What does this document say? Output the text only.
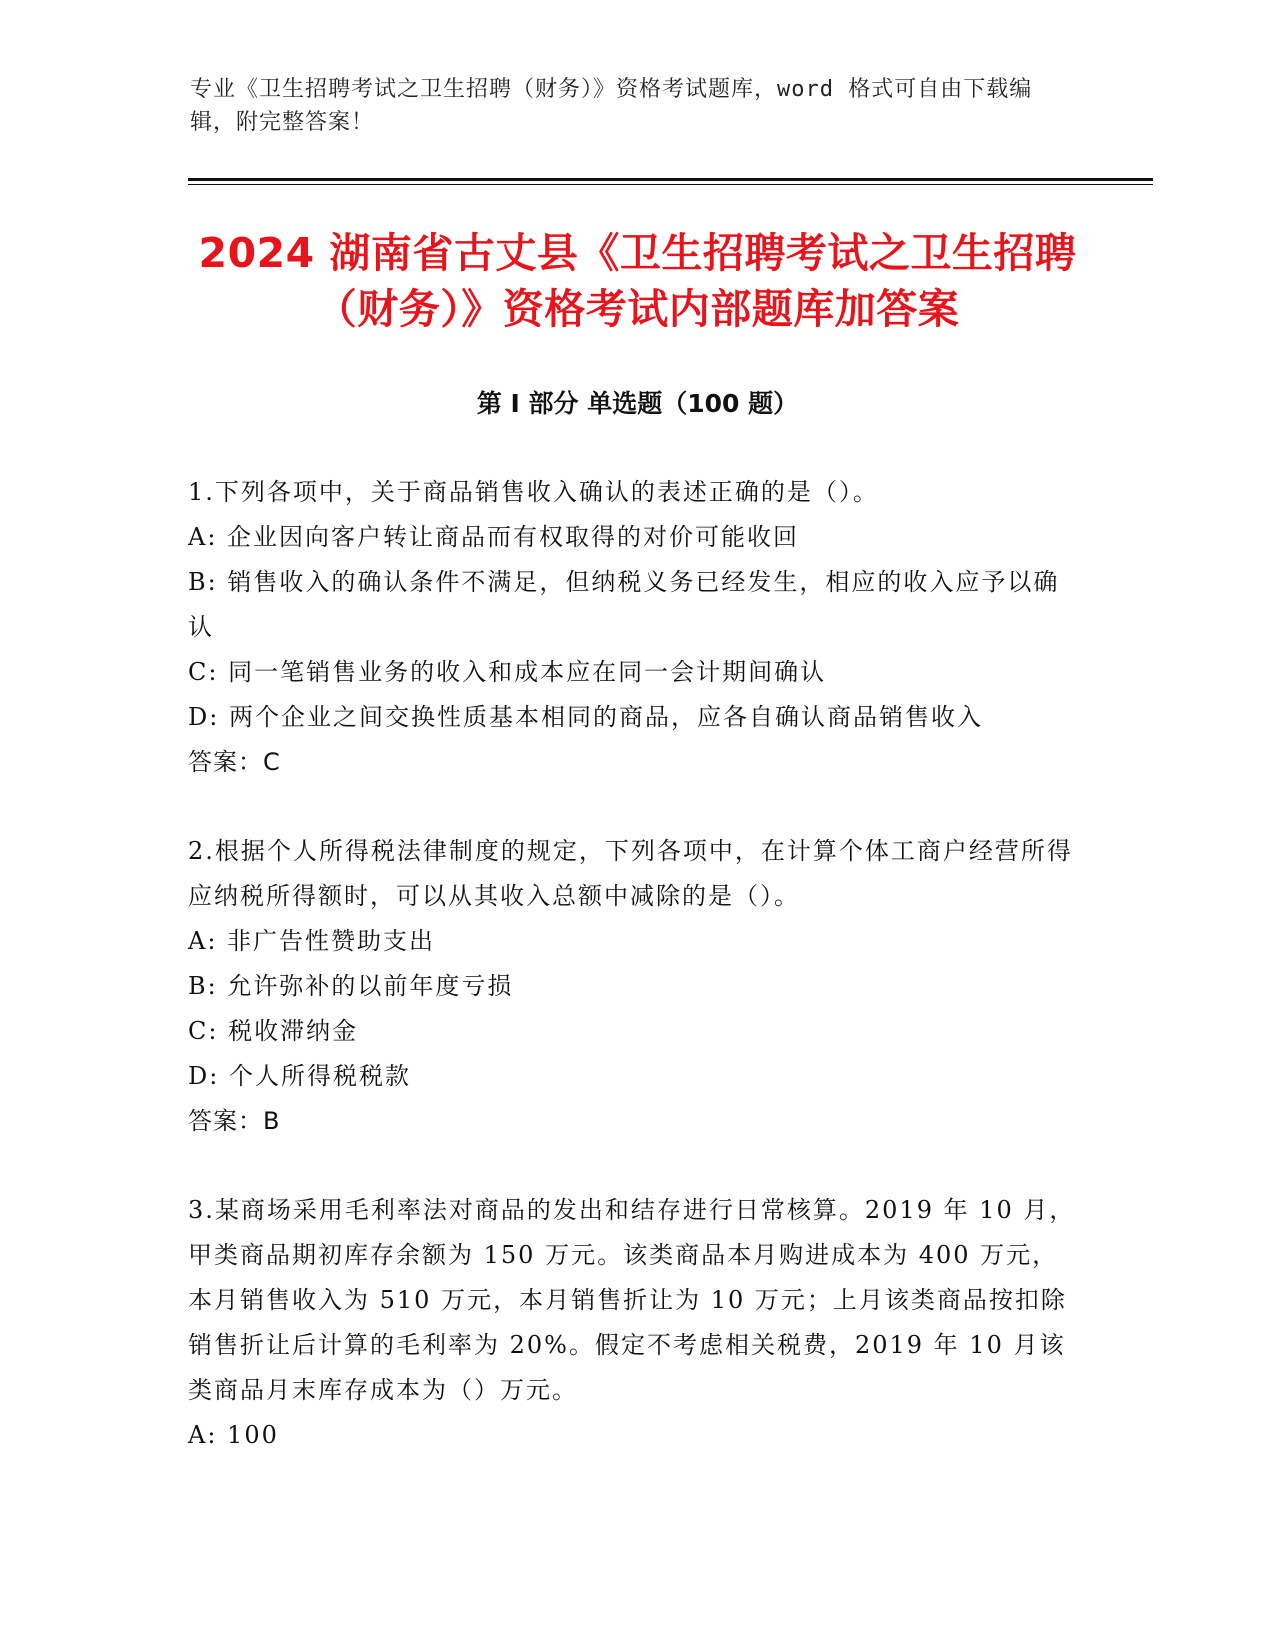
专业《卫生招聘考试之卫生招聘（财务）》资格考试题库，word 格式可自由下载编辑，附完整答案！
2024 湖南省古丈县《卫生招聘考试之卫生招聘（财务）》资格考试内部题库加答案
第 I 部分 单选题（100 题）
1.下列各项中，关于商品销售收入确认的表述正确的是（）。
A: 企业因向客户转让商品而有权取得的对价可能收回
B: 销售收入的确认条件不满足，但纳税义务已经发生，相应的收入应予以确认
C: 同一笔销售业务的收入和成本应在同一会计期间确认
D: 两个企业之间交换性质基本相同的商品，应各自确认商品销售收入
答案：C
2.根据个人所得税法律制度的规定，下列各项中，在计算个体工商户经营所得应纳税所得额时，可以从其收入总额中减除的是（）。
A: 非广告性赞助支出
B: 允许弥补的以前年度亏损
C: 税收滞纳金
D: 个人所得税税款
答案：B
3.某商场采用毛利率法对商品的发出和结存进行日常核算。2019 年 10 月，甲类商品期初库存余额为 150 万元。该类商品本月购进成本为 400 万元，本月销售收入为 510 万元，本月销售折让为 10 万元；上月该类商品按扣除销售折让后计算的毛利率为 20%。假定不考虑相关税费，2019 年 10 月该类商品月末库存成本为（）万元。
A: 100
